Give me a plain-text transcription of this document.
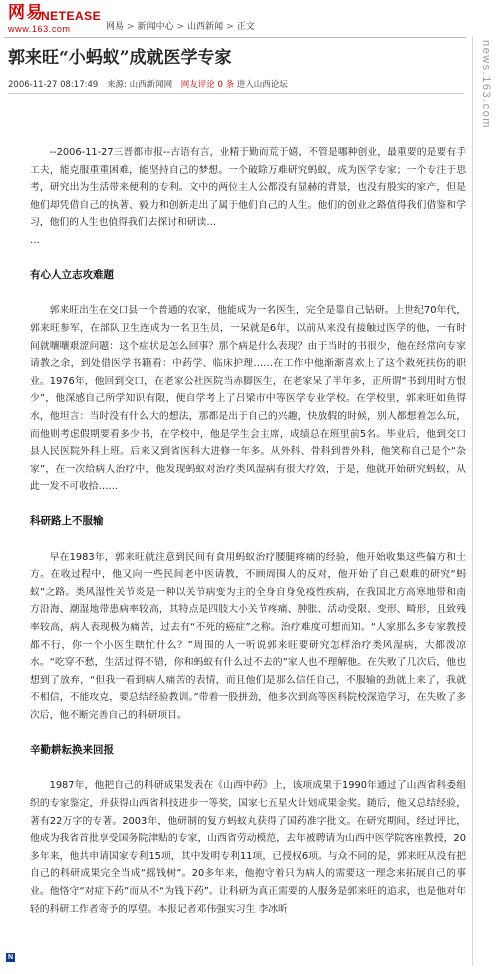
网易
NETEASE
www.163.com	网易 > 新闻中心 > 山西新闻 > 正文
news.163.com
郭来旺“小蚂蚁”成就医学专家
2006-11-27 08:17:49 来源: 山西新闻网 网友评论 0 条 进入山西论坛

--2006-11-27三晋都市报--古语有言，业精于勤而荒于嬉，不管是哪种创业，最重要的是要有手工夫，能克服重重困难，能坚持自己的梦想。一个破除万难研究蚂蚁，成为医学专家；一个专注于思考，研究出为生活带来便利的专利。文中的两位主人公都没有显赫的背景，也没有殷实的家产，但是他们却凭借自己的执著、毅力和创新走出了属于他们自己的人生。他们的创业之路值得我们借鉴和学习，他们的人生也值得我们去探讨和研读…

…

有心人立志攻难题

郭来旺出生在交口县一个普通的农家，他能成为一名医生，完全是靠自己钻研。上世纪70年代，郭来旺参军，在部队卫生连成为一名卫生员，一呆就是6年，以前从来没有接触过医学的他，一有时间就嚷嚷艰涩问题：这个症状是怎么回事？那个病是什么表现？由于当时的书很少，他在经常向专家请教之余，到处借医学书籍看：中药学、临床护理……在工作中他渐渐喜欢上了这个救死扶伤的职业。1976年，他回到交口，在老家公社医院当赤脚医生，在老家呆了半年多，正所谓“书到用时方恨少”，他深感自己所学知识有限，便自学考上了吕梁市中等医学专业学校。在学校里，郭来旺如鱼得水，他坦言：当时没有什么大的想法，那都是出于自己的兴趣，快放假的时候，别人都想着怎么玩，而他则考虑假期要看多少书，在学校中，他是学生会主席，成绩总在班里前5名。毕业后，他到交口县人民医院外科上班。后来又到省医科大进修一年多。从外科、骨科到普外科，他笑称自己是个“杂家”，在一次给病人治疗中，他发现蚂蚁对治疗类风湿病有很大疗效，于是，他就开始研究蚂蚁，从此一发不可收拾……

科研路上不服输

早在1983年，郭来旺就注意到民间有食用蚂蚁治疗腰腿疼痛的经验，他开始收集这些偏方和土方。在收过程中，他又向一些民间老中医请教，不顾周围人的反对，他开始了自己艰难的研究“蚂蚁”之路。类风湿性关节炎是一种以关节病变为主的全身自身免疫性疾病，在我国北方高寒地带和南方沿海、潮湿地带患病率较高，其特点是四肢大小关节疼痛、肿胀、活动受限、变形、畸形，且致残率较高，病人表现极为痛苦，过去有“不死的癌症”之称。治疗难度可想而知。“人家那么多专家教授都不行，你一个小医生瞎忙什么？”周围的人一听说郭来旺要研究怎样治疗类风湿病，大都泼凉水。“吃穿不愁，生活过得不错，你和蚂蚁有什么过不去的”家人也不理解他。在失败了几次后，他也想到了放弃，“但我一看到病人痛苦的表情，而且他们是那么信任自己，不服输的劲就上来了，我就不相信，不能攻克，要总结经验教训。”带着一股拼劲，他多次到高等医科院校深造学习，在失败了多次后，他不断完善自己的科研项目。

辛勤耕耘换来回报

1987年，他把自己的科研成果发表在《山西中药》上，该项成果于1990年通过了山西省科委组织的专家鉴定，并获得山西省科技进步一等奖，国家七五星火计划成果金奖。随后，他又总结经验，著有22万字的专著。2003年，他研制的复方蚂蚁丸获得了国药准字批文。在研究期间，经过评比，他成为我省首批享受国务院津贴的专家，山西省劳动模范，去年被聘请为山西中医学院客座教授，20多年来，他共申请国家专利15项，其中发明专利11项，已授权6项。与众不同的是，郭来旺从没有把自己的科研成果完全当成“摇钱树”。20多年来，他抱守着只为病人的需要这一理念来拓展自己的事业。他恪守“对症下药”而从不“为钱下药”。让科研为真正需要的人服务是郭来旺的追求，也是他对年轻的科研工作者寄予的厚望。本报记者邓伟强实习生 李冰昕

N
